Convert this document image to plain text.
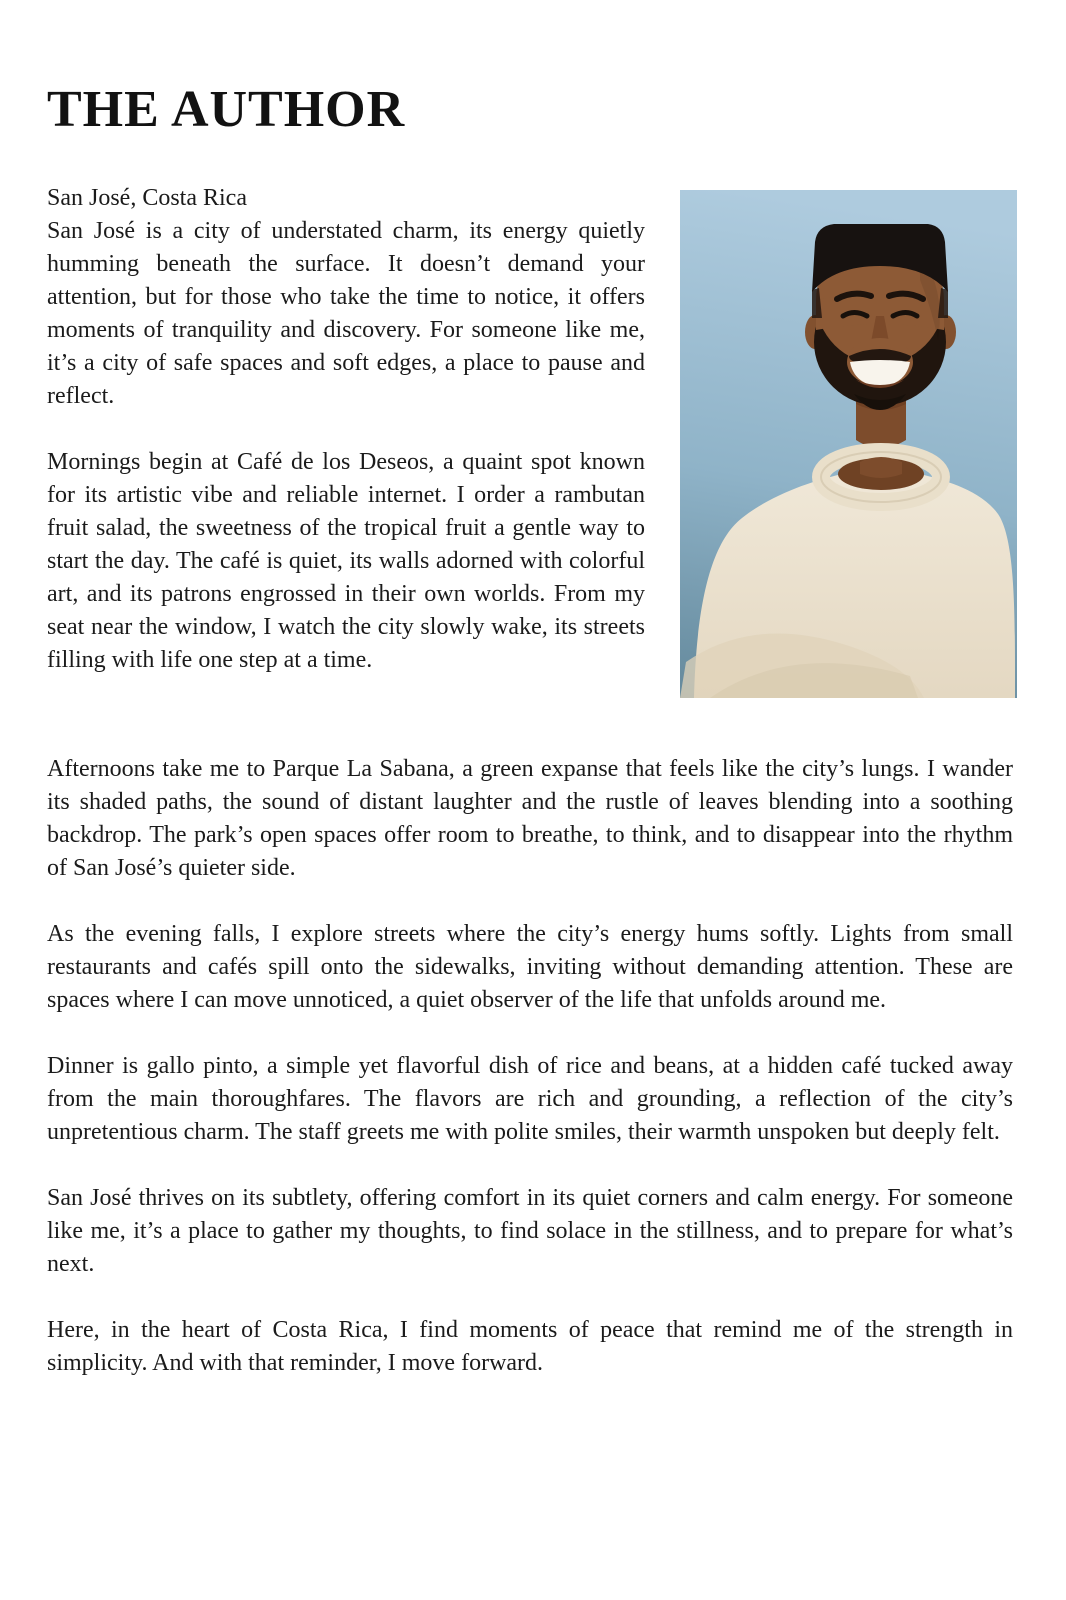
THE AUTHOR

San José, Costa Rica

San José is a city of understated charm, its energy quietly humming beneath the surface. It doesn’t demand your attention, but for those who take the time to notice, it offers moments of tranquility and discovery. For someone like me, it’s a city of safe spaces and soft edges, a place to pause and reflect.

Mornings begin at Café de los Deseos, a quaint spot known for its artistic vibe and reliable internet. I order a rambutan fruit salad, the sweetness of the tropical fruit a gentle way to start the day. The café is quiet, its walls adorned with colorful art, and its patrons engrossed in their own worlds. From my seat near the window, I watch the city slowly wake, its streets filling with life one step at a time.

Afternoons take me to Parque La Sabana, a green expanse that feels like the city’s lungs. I wander its shaded paths, the sound of distant laughter and the rustle of leaves blending into a soothing backdrop. The park’s open spaces offer room to breathe, to think, and to disappear into the rhythm of San José’s quieter side.

As the evening falls, I explore streets where the city’s energy hums softly. Lights from small restaurants and cafés spill onto the sidewalks, inviting without demanding attention. These are spaces where I can move unnoticed, a quiet observer of the life that unfolds around me.

Dinner is gallo pinto, a simple yet flavorful dish of rice and beans, at a hidden café tucked away from the main thoroughfares. The flavors are rich and grounding, a reflection of the city’s unpretentious charm. The staff greets me with polite smiles, their warmth unspoken but deeply felt.

San José thrives on its subtlety, offering comfort in its quiet corners and calm energy. For someone like me, it’s a place to gather my thoughts, to find solace in the stillness, and to prepare for what’s next.

Here, in the heart of Costa Rica, I find moments of peace that remind me of the strength in simplicity. And with that reminder, I move forward.
